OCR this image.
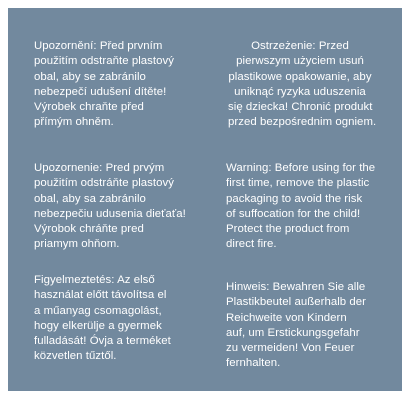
Upozornění: Před prvním
použitím odstraňte plastový
obal, aby se zabránilo
nebezpečí udušení dítěte!
Výrobek chraňte před
přímým ohněm.
Ostrzeżenie: Przed
pierwszym użyciem usuń
plastikowe opakowanie, aby
uniknąć ryzyka uduszenia
się dziecka! Chronić produkt
przed bezpośrednim ogniem.
Upozornenie: Pred prvým
použitím odstráňte plastový
obal, aby sa zabránilo
nebezpečiu udusenia dieťaťa!
Výrobok chráňte pred
priamym ohňom.
Warning: Before using for the
first time, remove the plastic
packaging to avoid the risk
of suffocation for the child!
Protect the product from
direct fire.
Figyelmeztetés: Az első
használat előtt távolítsa el
a műanyag csomagolást,
hogy elkerülje a gyermek
fulladását! Óvja a terméket
közvetlen tűztől.
Hinweis: Bewahren Sie alle
Plastikbeutel außerhalb der
Reichweite von Kindern
auf, um Erstickungsgefahr
zu vermeiden! Von Feuer
fernhalten.
